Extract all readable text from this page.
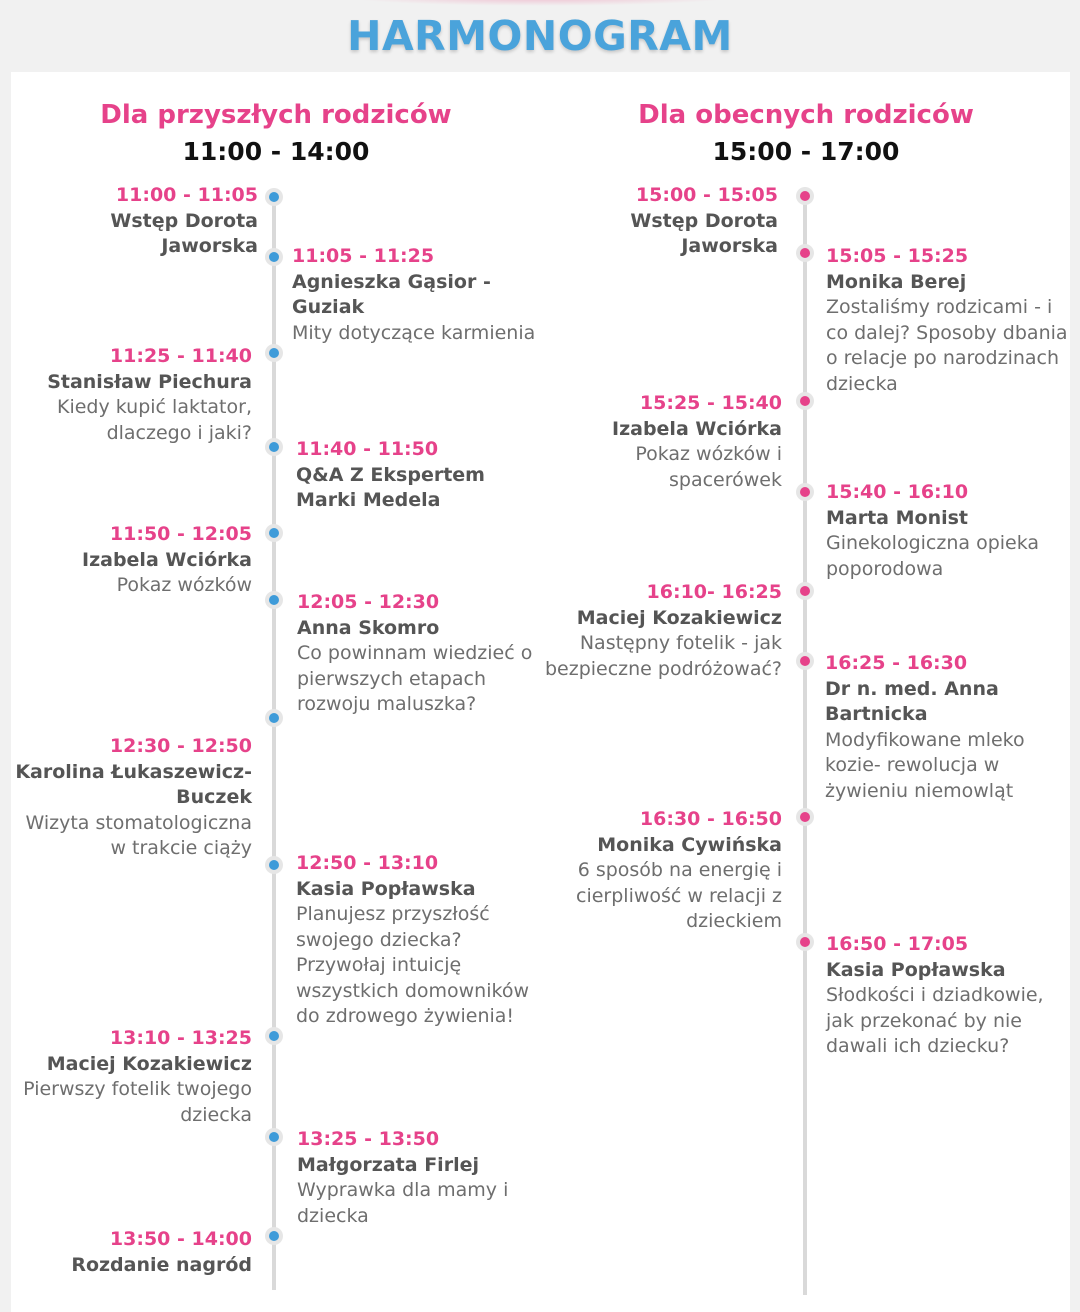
HARMONOGRAM
Dla przyszłych rodziców
11:00 - 14:00
Dla obecnych rodziców
15:00 - 17:00
11:00 - 11:05
Wstęp Dorota Jaworska 11:05 - 11:25
Agnieszka Gąsior - Guziak
Mity dotyczące karmienia
11:25 - 11:40
Stanisław Piechura
Kiedy kupić laktator, dlaczego i jaki?
11:40 - 11:50
Q&A Z Ekspertem Marki Medela
11:50 - 12:05
Izabela Wciórka
Pokaz wózków
12:05 - 12:30
Anna Skomro
Co powinnam wiedzieć o pierwszych etapach rozwoju maluszka?
12:30 - 12:50
Karolina Łukaszewicz-Buczek
Wizyta stomatologiczna w trakcie ciąży
12:50 - 13:10
Kasia Popławska
Planujesz przyszłość swojego dziecka? Przywołaj intuicję wszystkich domowników do zdrowego żywienia!
13:10 - 13:25
Maciej Kozakiewicz
Pierwszy fotelik twojego dziecka
13:25 - 13:50
Małgorzata Firlej
Wyprawka dla mamy i dziecka
13:50 - 14:00
Rozdanie nagród
15:00 - 15:05
Wstęp Dorota Jaworska	15:05 - 15:25
Monika Berej
Zostaliśmy rodzicami - i co dalej? Sposoby dbania o relacje po narodzinach dziecka
15:25 - 15:40
Izabela Wciórka
Pokaz wózków i spacerówek
15:40 - 16:10
Marta Monist
Ginekologiczna opieka poporodowa
16:10- 16:25
Maciej Kozakiewicz
Następny fotelik - jak bezpieczne podróżować? 16:25 - 16:30
Dr n. med. Anna Bartnicka
Modyfikowane mleko kozie- rewolucja w żywieniu niemowląt
16:30 - 16:50
Monika Cywińska
6 sposób na energię i cierpliwość w relacji z dzieckiem
16:50 - 17:05
Kasia Popławska
Słodkości i dziadkowie, jak przekonać by nie dawali ich dziecku?
